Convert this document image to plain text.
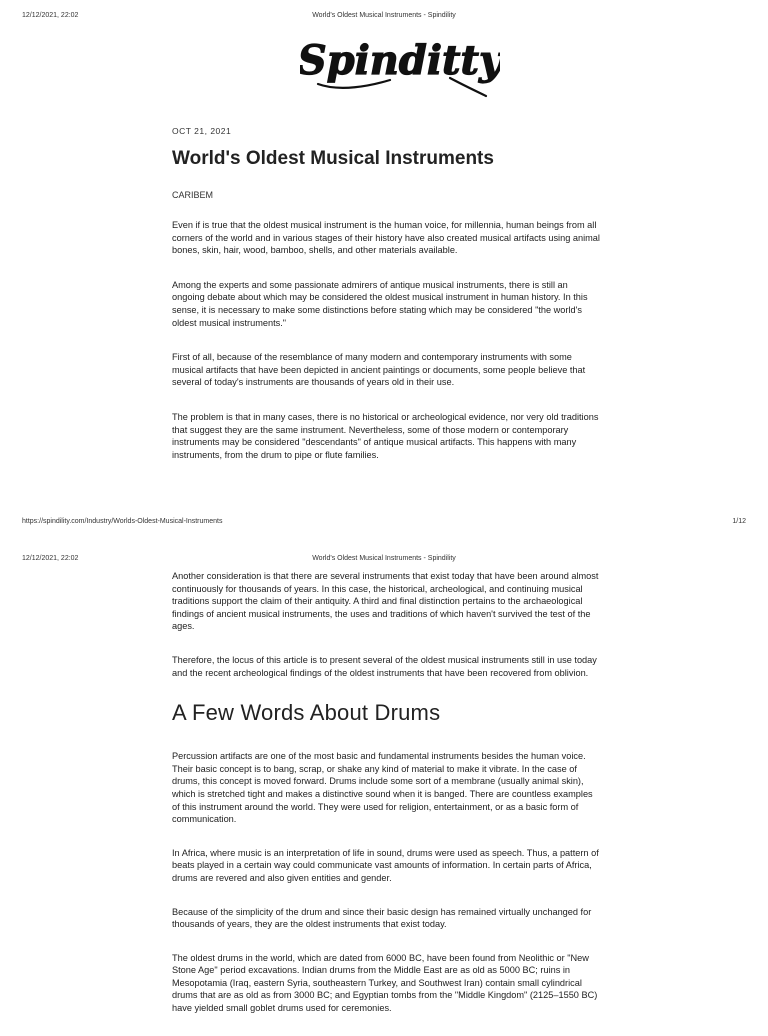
12/12/2021, 22:02	World's Oldest Musical Instruments - Spindility
Spinditty
OCT 21, 2021
World's Oldest Musical Instruments
CARIBEM

Even if is true that the oldest musical instrument is the human voice, for millennia, human beings from all corners of the world and in various stages of their history have also created musical artifacts using animal bones, skin, hair, wood, bamboo, shells, and other materials available.

Among the experts and some passionate admirers of antique musical instruments, there is still an ongoing debate about which may be considered the oldest musical instrument in human history. In this sense, it is necessary to make some distinctions before stating which may be considered "the world's oldest musical instruments."

First of all, because of the resemblance of many modern and contemporary instruments with some musical artifacts that have been depicted in ancient paintings or documents, some people believe that several of today's instruments are thousands of years old in their use.

The problem is that in many cases, there is no historical or archeological evidence, nor very old traditions that suggest they are the same instrument. Nevertheless, some of those modern or contemporary instruments may be considered "descendants" of antique musical artifacts. This happens with many instruments, from the drum to pipe or flute families.

https://spindility.com/Industry/Worlds-Oldest-Musical-Instruments	1/12
12/12/2021, 22:02	World's Oldest Musical Instruments - Spindility

Another consideration is that there are several instruments that exist today that have been around almost continuously for thousands of years. In this case, the historical, archeological, and continuing musical traditions support the claim of their antiquity. A third and final distinction pertains to the archaeological findings of ancient musical instruments, the uses and traditions of which haven't survived the test of the ages.

Therefore, the locus of this article is to present several of the oldest musical instruments still in use today and the recent archeological findings of the oldest instruments that have been recovered from oblivion.

A Few Words About Drums

Percussion artifacts are one of the most basic and fundamental instruments besides the human voice. Their basic concept is to bang, scrap, or shake any kind of material to make it vibrate. In the case of drums, this concept is moved forward. Drums include some sort of a membrane (usually animal skin), which is stretched tight and makes a distinctive sound when it is banged. There are countless examples of this instrument around the world. They were used for religion, entertainment, or as a basic form of communication.

In Africa, where music is an interpretation of life in sound, drums were used as speech. Thus, a pattern of beats played in a certain way could communicate vast amounts of information. In certain parts of Africa, drums are revered and also given entities and gender.

Because of the simplicity of the drum and since their basic design has remained virtually unchanged for thousands of years, they are the oldest instruments that exist today.

The oldest drums in the world, which are dated from 6000 BC, have been found from Neolithic or "New Stone Age" period excavations. Indian drums from the Middle East are as old as 5000 BC; ruins in Mesopotamia (Iraq, eastern Syria, southeastern Turkey, and Southwest Iran) contain small cylindrical drums that are as old as from 3000 BC; and Egyptian tombs from the "Middle Kingdom" (2125–1550 BC) have yielded small goblet drums used for ceremonies.
